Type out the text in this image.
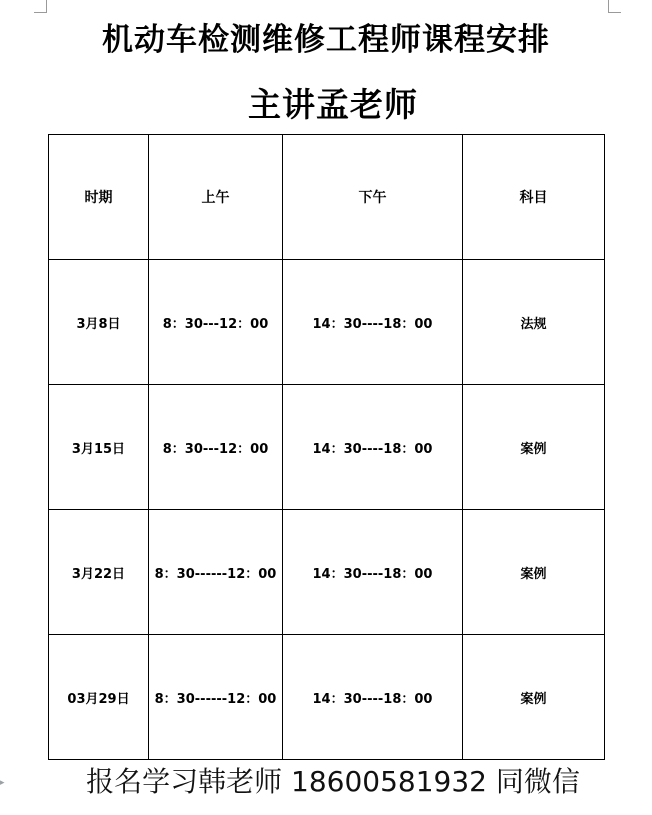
机动车检测维修工程师课程安排
主讲孟老师
时期	上午	下午	科目
3月8日	8：30---12：00	14：30----18：00	法规
3月15日	8：30---12：00	14：30----18：00	案例
3月22日	8：30------12：00	14：30----18：00	案例
03月29日	8：30------12：00	14：30----18：00	案例
报名学习韩老师 18600581932 同微信
▸
